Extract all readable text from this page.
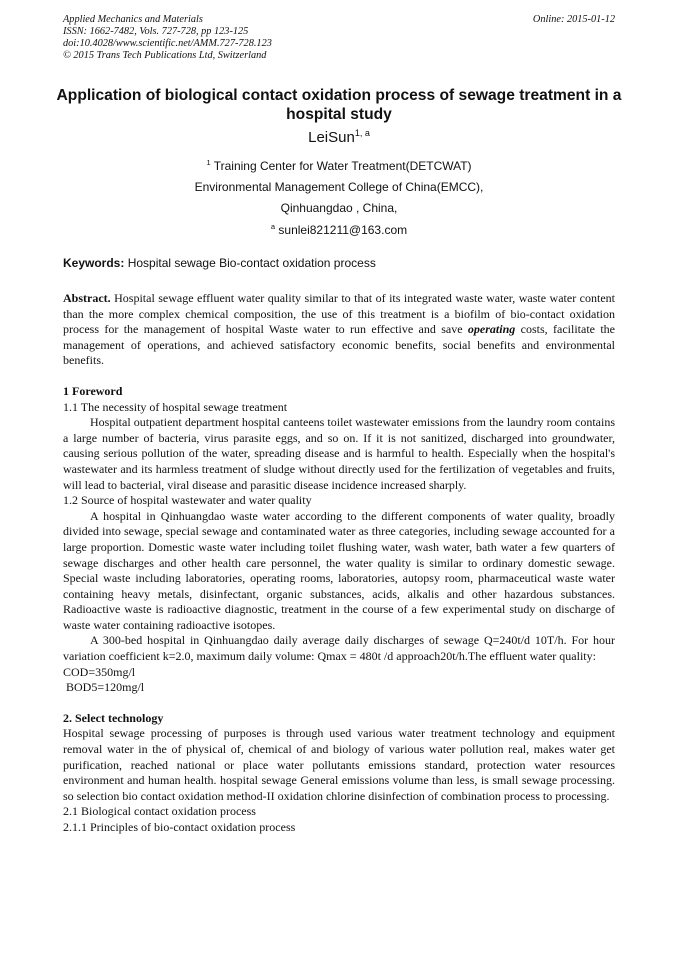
Applied Mechanics and Materials
ISSN: 1662-7482, Vols. 727-728, pp 123-125
doi:10.4028/www.scientific.net/AMM.727-728.123
© 2015 Trans Tech Publications Ltd, Switzerland
Online: 2015-01-12
Application of biological contact oxidation process of sewage treatment in a hospital study
LeiSun$^{1, a}$
$^1$ Training Center for Water Treatment(DETCWAT)
Environmental Management College of China(EMCC),
Qinhuangdao , China,
$^a$ sunlei821211@163.com
Keywords: Hospital sewage Bio-contact oxidation process

Abstract. Hospital sewage effluent water quality similar to that of its integrated waste water, waste water content than the more complex chemical composition, the use of this treatment is a biofilm of bio-contact oxidation process for the management of hospital Waste water to run effective and save operating costs, facilitate the management of operations, and achieved satisfactory economic benefits, social benefits and environmental benefits.

1 Foreword

1.1 The necessity of hospital sewage treatment

Hospital outpatient department hospital canteens toilet wastewater emissions from the laundry room contains a large number of bacteria, virus parasite eggs, and so on. If it is not sanitized, discharged into groundwater, causing serious pollution of the water, spreading disease and is harmful to health. Especially when the hospital's wastewater and its harmless treatment of sludge without directly used for the fertilization of vegetables and fruits, will lead to bacterial, viral disease and parasitic disease incidence increased sharply.

1.2 Source of hospital wastewater and water quality

A hospital in Qinhuangdao waste water according to the different components of water quality, broadly divided into sewage, special sewage and contaminated water as three categories, including sewage accounted for a large proportion. Domestic waste water including toilet flushing water, wash water, bath water a few quarters of sewage discharges and other health care personnel, the water quality is similar to ordinary domestic sewage. Special waste including laboratories, operating rooms, laboratories, autopsy room, pharmaceutical waste water containing heavy metals, disinfectant, organic substances, acids, alkalis and other hazardous substances. Radioactive waste is radioactive diagnostic, treatment in the course of a few experimental study on discharge of waste water containing radioactive isotopes.

A 300-bed hospital in Qinhuangdao daily average daily discharges of sewage Q=240t/d 10T/h. For hour variation coefficient k=2.0, maximum daily volume: Qmax = 480t /d approach20t/h.The effluent water quality:

COD=350mg/l

BOD5=120mg/l

2. Select technology

Hospital sewage processing of purposes is through used various water treatment technology and equipment removal water in the of physical of, chemical of and biology of various water pollution real, makes water get purification, reached national or place water pollutants emissions standard, protection water resources environment and human health. hospital sewage General emissions volume than less, is small sewage processing. so selection bio contact oxidation method-II oxidation chlorine disinfection of combination process to processing.

2.1 Biological contact oxidation process

2.1.1 Principles of bio-contact oxidation process
